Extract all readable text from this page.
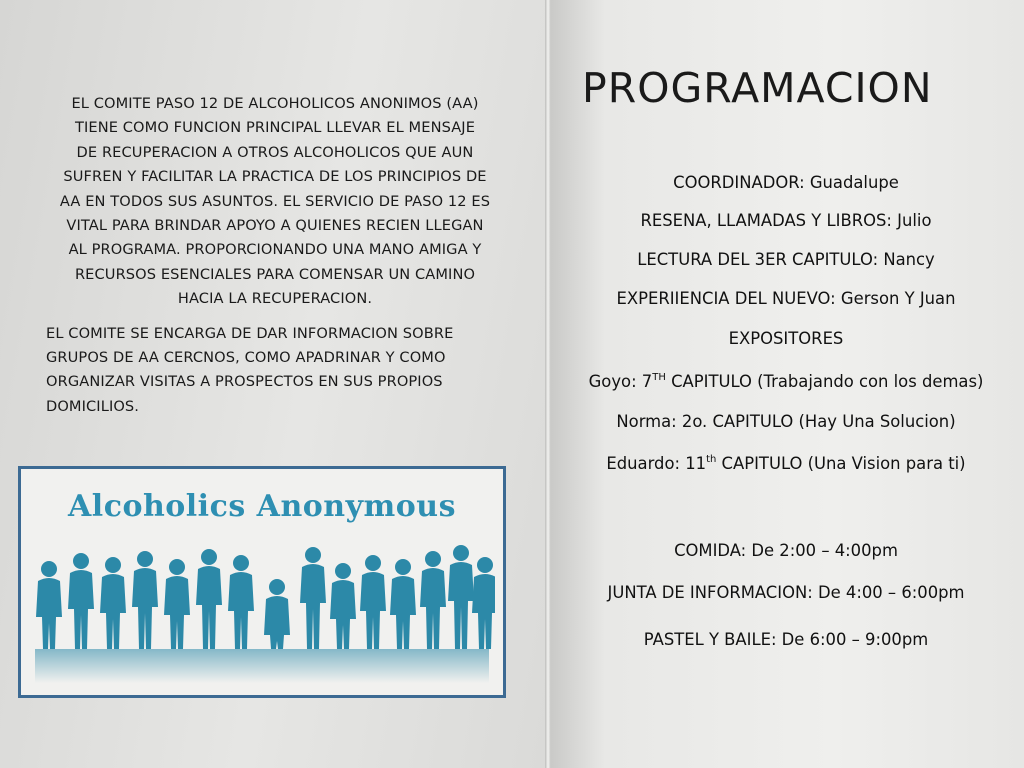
EL COMITE PASO 12 DE ALCOHOLICOS ANONIMOS (AA)
TIENE COMO FUNCION PRINCIPAL LLEVAR EL MENSAJE
DE RECUPERACION A OTROS ALCOHOLICOS QUE AUN
SUFREN Y FACILITAR LA PRACTICA DE LOS PRINCIPIOS DE
AA EN TODOS SUS ASUNTOS. EL SERVICIO DE PASO 12 ES
VITAL PARA BRINDAR APOYO A QUIENES RECIEN LLEGAN
AL PROGRAMA. PROPORCIONANDO UNA MANO AMIGA Y
RECURSOS ESENCIALES PARA COMENSAR UN CAMINO
HACIA LA RECUPERACION.

EL COMITE SE ENCARGA DE DAR INFORMACION SOBRE
GRUPOS DE AA CERCNOS, COMO APADRINAR Y COMO
ORGANIZAR VISITAS A PROSPECTOS EN SUS PROPIOS
DOMICILIOS.

Alcoholics Anonymous
PROGRAMACION
COORDINADOR: Guadalupe
RESENA, LLAMADAS Y LIBROS: Julio
LECTURA DEL 3ER CAPITULO: Nancy
EXPERIIENCIA DEL NUEVO: Gerson Y Juan
EXPOSITORES
Goyo: 7TH CAPITULO (Trabajando con los demas)
Norma: 2o. CAPITULO (Hay Una Solucion)
Eduardo: 11th CAPITULO (Una Vision para ti)
COMIDA: De 2:00 – 4:00pm
JUNTA DE INFORMACION: De 4:00 – 6:00pm
PASTEL Y BAILE: De 6:00 – 9:00pm
